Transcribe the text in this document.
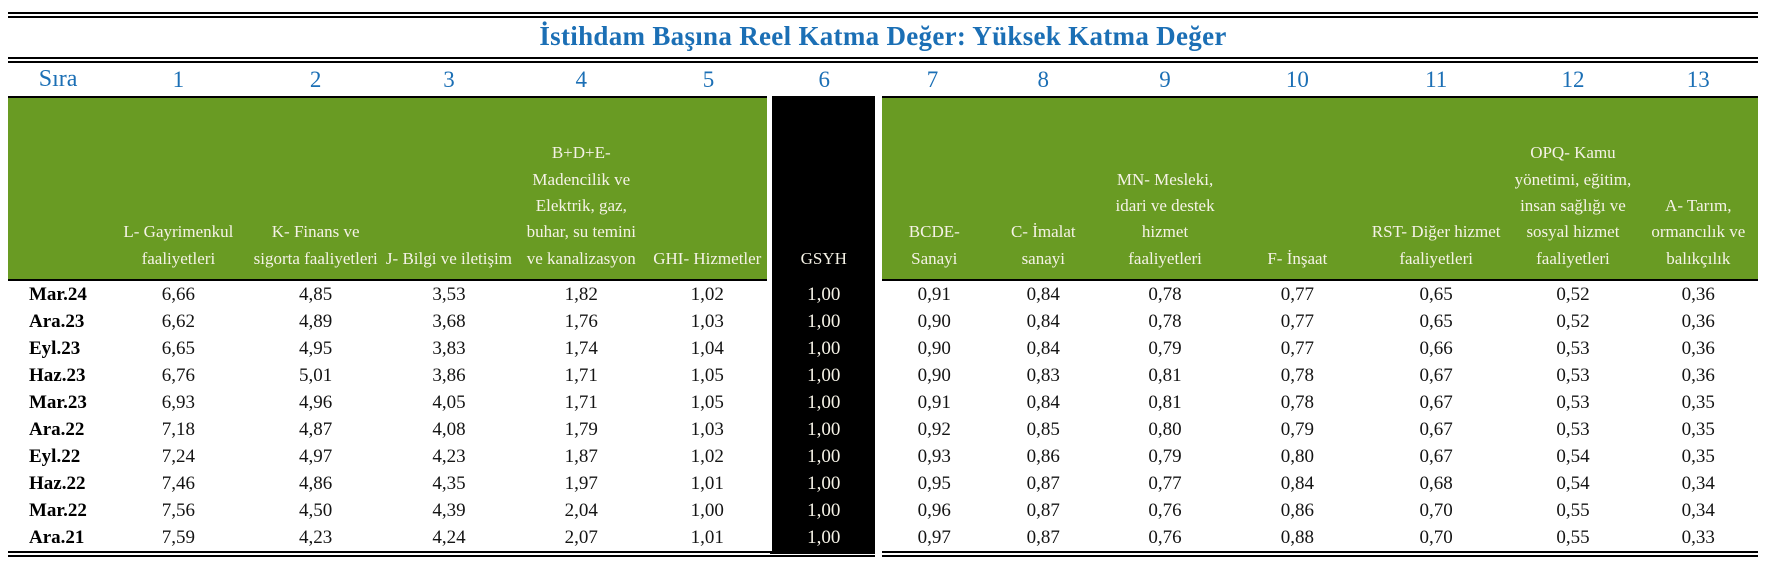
İstihdam Başına Reel Katma Değer: Yüksek Katma Değer
Sıra	1	2	3	4	5	6	7	8	9	10	11	12	13
	L- Gayrimenkul faaliyetleri	K- Finans ve sigorta faaliyetleri	J- Bilgi ve iletişim	B+D+E- Madencilik ve Elektrik, gaz, buhar, su temini ve kanalizasyon	GHI- Hizmetler	GSYH	BCDE- Sanayi	C- İmalat sanayi	MN- Mesleki, idari ve destek hizmet faaliyetleri	F- İnşaat	RST- Diğer hizmet faaliyetleri	OPQ- Kamu yönetimi, eğitim, insan sağlığı ve sosyal hizmet faaliyetleri	A- Tarım, ormancılık ve balıkçılık
Mar.24	6,66	4,85	3,53	1,82	1,02	1,00	0,91	0,84	0,78	0,77	0,65	0,52	0,36
Ara.23	6,62	4,89	3,68	1,76	1,03	1,00	0,90	0,84	0,78	0,77	0,65	0,52	0,36
Eyl.23	6,65	4,95	3,83	1,74	1,04	1,00	0,90	0,84	0,79	0,77	0,66	0,53	0,36
Haz.23	6,76	5,01	3,86	1,71	1,05	1,00	0,90	0,83	0,81	0,78	0,67	0,53	0,36
Mar.23	6,93	4,96	4,05	1,71	1,05	1,00	0,91	0,84	0,81	0,78	0,67	0,53	0,35
Ara.22	7,18	4,87	4,08	1,79	1,03	1,00	0,92	0,85	0,80	0,79	0,67	0,53	0,35
Eyl.22	7,24	4,97	4,23	1,87	1,02	1,00	0,93	0,86	0,79	0,80	0,67	0,54	0,35
Haz.22	7,46	4,86	4,35	1,97	1,01	1,00	0,95	0,87	0,77	0,84	0,68	0,54	0,34
Mar.22	7,56	4,50	4,39	2,04	1,00	1,00	0,96	0,87	0,76	0,86	0,70	0,55	0,34
Ara.21	7,59	4,23	4,24	2,07	1,01	1,00	0,97	0,87	0,76	0,88	0,70	0,55	0,33
